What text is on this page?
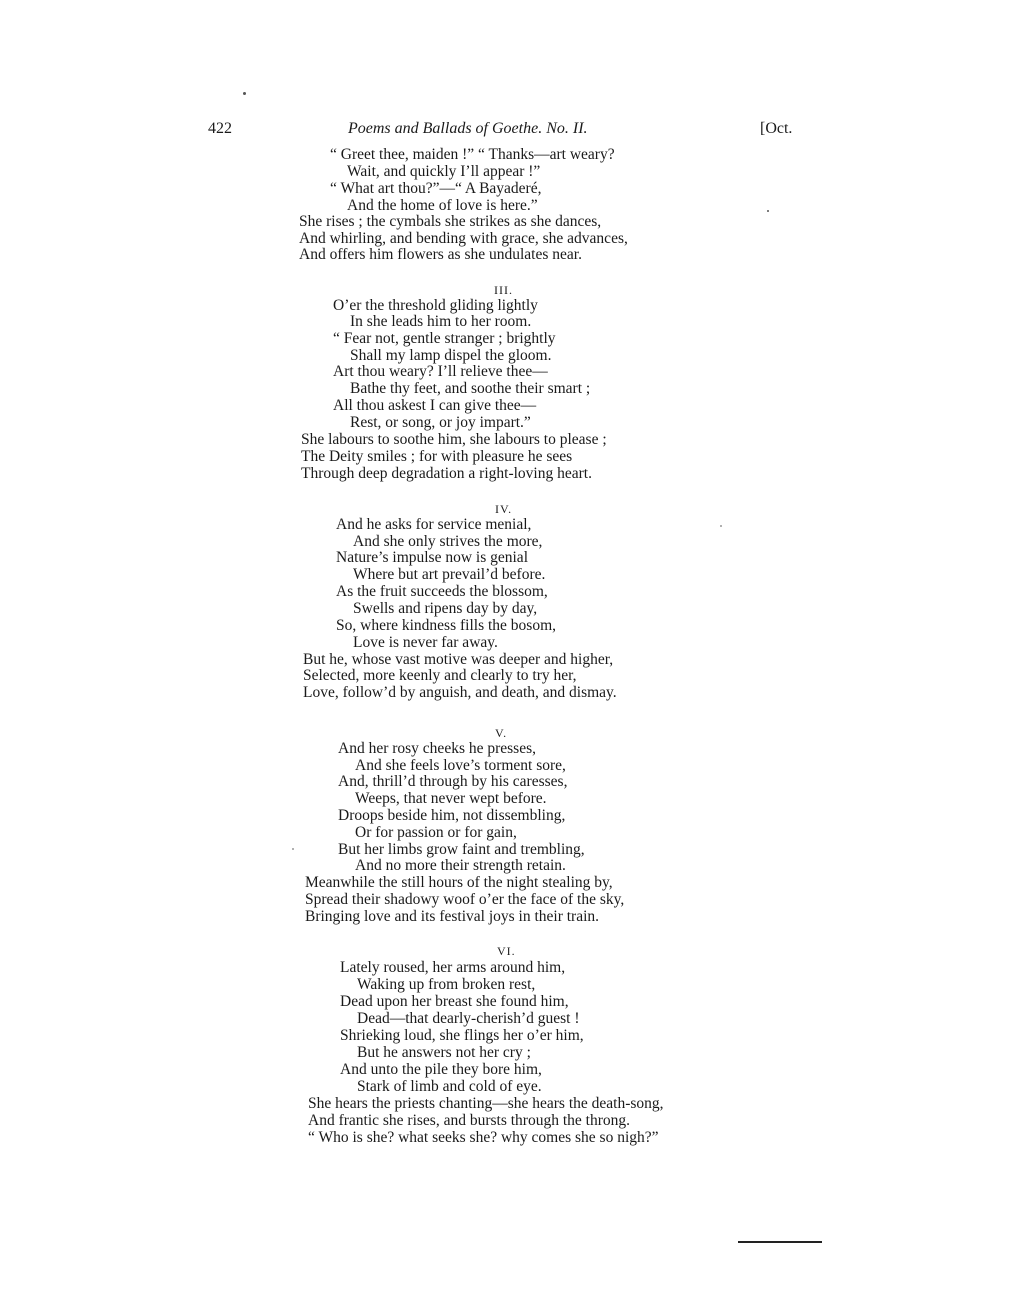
422	Poems and Ballads of Goethe. No. II.	[Oct.
“ Greet thee, maiden !” “ Thanks—art weary?
Wait, and quickly I’ll appear !”
“ What art thou?”—“ A Bayaderé,
And the home of love is here.”
She rises ; the cymbals she strikes as she dances,
And whirling, and bending with grace, she advances,
And offers him flowers as she undulates near.
III.
O’er the threshold gliding lightly
In she leads him to her room.
“ Fear not, gentle stranger ; brightly
Shall my lamp dispel the gloom.
Art thou weary? I’ll relieve thee—
Bathe thy feet, and soothe their smart ;
All thou askest I can give thee—
Rest, or song, or joy impart.”
She labours to soothe him, she labours to please ;
The Deity smiles ; for with pleasure he sees
Through deep degradation a right-loving heart.
IV.
And he asks for service menial,
And she only strives the more,
Nature’s impulse now is genial
Where but art prevail’d before.
As the fruit succeeds the blossom,
Swells and ripens day by day,
So, where kindness fills the bosom,
Love is never far away.
But he, whose vast motive was deeper and higher,
Selected, more keenly and clearly to try her,
Love, follow’d by anguish, and death, and dismay.
V.
And her rosy cheeks he presses,
And she feels love’s torment sore,
And, thrill’d through by his caresses,
Weeps, that never wept before.
Droops beside him, not dissembling,
Or for passion or for gain,
But her limbs grow faint and trembling,
And no more their strength retain.
Meanwhile the still hours of the night stealing by,
Spread their shadowy woof o’er the face of the sky,
Bringing love and its festival joys in their train.
VI.
Lately roused, her arms around him,
Waking up from broken rest,
Dead upon her breast she found him,
Dead—that dearly-cherish’d guest !
Shrieking loud, she flings her o’er him,
But he answers not her cry ;
And unto the pile they bore him,
Stark of limb and cold of eye.
She hears the priests chanting—she hears the death-song,
And frantic she rises, and bursts through the throng.
“ Who is she? what seeks she? why comes she so nigh?”
